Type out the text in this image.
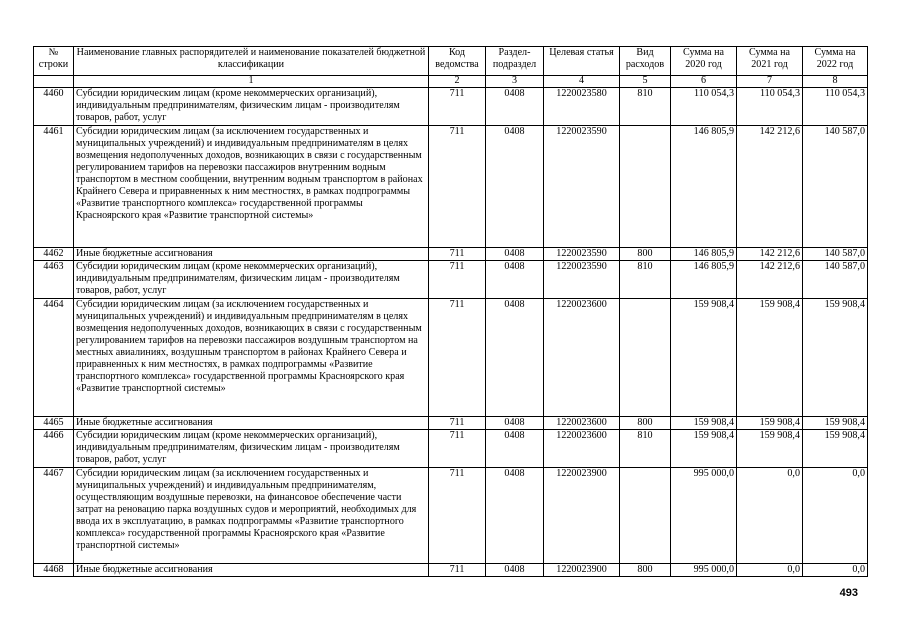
№ строки	Наименование главных распорядителей и наименование показателей бюджетной классификации	Код ведомства	Раздел-подраздел	Целевая статья	Вид расходов	Сумма на 2020 год	Сумма на 2021 год	Сумма на 2022 год
	1	2	3	4	5	6	7	8
4460	Субсидии юридическим лицам (кроме некоммерческих организаций), индивидуальным предпринимателям, физическим лицам - производителям товаров, работ, услуг	711	0408	1220023580	810	110 054,3	110 054,3	110 054,3
4461	Субсидии юридическим лицам (за исключением государственных и муниципальных учреждений) и индивидуальным предпринимателям в целях возмещения недополученных доходов, возникающих в связи с государственным регулированием тарифов на перевозки пассажиров внутренним водным транспортом в местном сообщении, внутренним водным транспортом в районах Крайнего Севера и приравненных к ним местностях, в рамках подпрограммы «Развитие транспортного комплекса» государственной программы Красноярского края «Развитие транспортной системы»	711	0408	1220023590		146 805,9	142 212,6	140 587,0
4462	Иные бюджетные ассигнования	711	0408	1220023590	800	146 805,9	142 212,6	140 587,0
4463	Субсидии юридическим лицам (кроме некоммерческих организаций), индивидуальным предпринимателям, физическим лицам - производителям товаров, работ, услуг	711	0408	1220023590	810	146 805,9	142 212,6	140 587,0
4464	Субсидии юридическим лицам (за исключением государственных и муниципальных учреждений) и индивидуальным предпринимателям в целях возмещения недополученных доходов, возникающих в связи с государственным регулированием тарифов на перевозки пассажиров воздушным транспортом на местных авиалиниях, воздушным транспортом в районах Крайнего Севера и приравненных к ним местностях, в рамках подпрограммы «Развитие транспортного комплекса» государственной программы Красноярского края «Развитие транспортной системы»	711	0408	1220023600		159 908,4	159 908,4	159 908,4
4465	Иные бюджетные ассигнования	711	0408	1220023600	800	159 908,4	159 908,4	159 908,4
4466	Субсидии юридическим лицам (кроме некоммерческих организаций), индивидуальным предпринимателям, физическим лицам - производителям товаров, работ, услуг	711	0408	1220023600	810	159 908,4	159 908,4	159 908,4
4467	Субсидии юридическим лицам (за исключением государственных и муниципальных учреждений) и индивидуальным предпринимателям, осуществляющим воздушные перевозки, на финансовое обеспечение части затрат на реновацию парка воздушных судов и мероприятий, необходимых для ввода их в эксплуатацию, в рамках подпрограммы «Развитие транспортного комплекса» государственной программы Красноярского края «Развитие транспортной системы»	711	0408	1220023900		995 000,0	0,0	0,0
4468	Иные бюджетные ассигнования	711	0408	1220023900	800	995 000,0	0,0	0,0
493
